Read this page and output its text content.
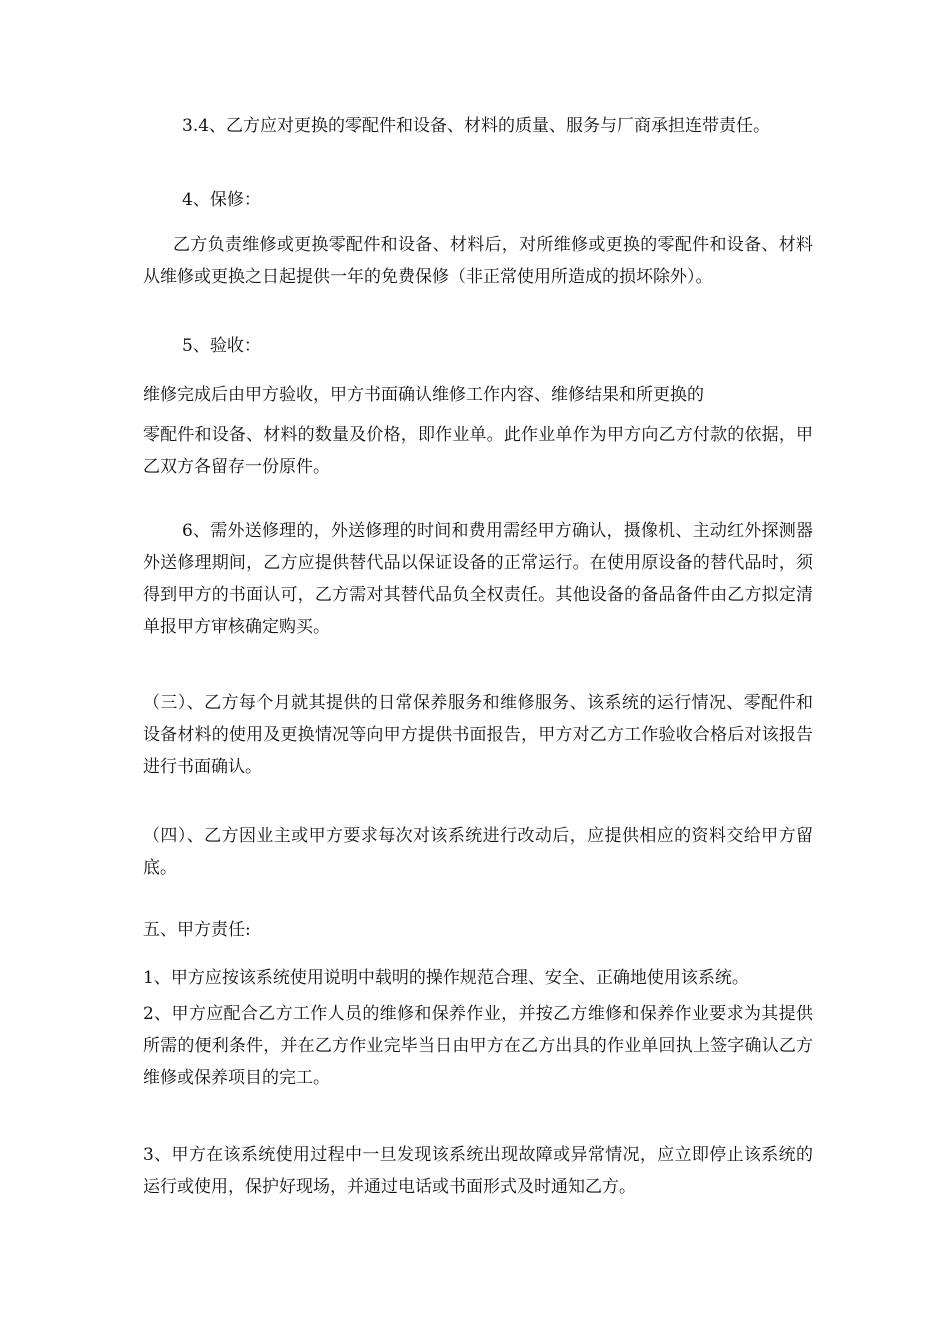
3.4、乙方应对更换的零配件和设备、材料的质量、服务与厂商承担连带责任。

4、保修：

乙方负责维修或更换零配件和设备、材料后，对所维修或更换的零配件和设备、材料从维修或更换之日起提供一年的免费保修（非正常使用所造成的损坏除外）。

5、验收：

维修完成后由甲方验收，甲方书面确认维修工作内容、维修结果和所更换的

零配件和设备、材料的数量及价格，即作业单。此作业单作为甲方向乙方付款的依据，甲乙双方各留存一份原件。

6、需外送修理的，外送修理的时间和费用需经甲方确认，摄像机、主动红外探测器外送修理期间，乙方应提供替代品以保证设备的正常运行。在使用原设备的替代品时，须得到甲方的书面认可，乙方需对其替代品负全权责任。其他设备的备品备件由乙方拟定清单报甲方审核确定购买。

（三）、乙方每个月就其提供的日常保养服务和维修服务、该系统的运行情况、零配件和设备材料的使用及更换情况等向甲方提供书面报告，甲方对乙方工作验收合格后对该报告进行书面确认。

（四）、乙方因业主或甲方要求每次对该系统进行改动后，应提供相应的资料交给甲方留底。

五、甲方责任:

1、甲方应按该系统使用说明中载明的操作规范合理、安全、正确地使用该系统。

2、甲方应配合乙方工作人员的维修和保养作业，并按乙方维修和保养作业要求为其提供所需的便利条件，并在乙方作业完毕当日由甲方在乙方出具的作业单回执上签字确认乙方维修或保养项目的完工。

3、甲方在该系统使用过程中一旦发现该系统出现故障或异常情况，应立即停止该系统的运行或使用，保护好现场，并通过电话或书面形式及时通知乙方。
